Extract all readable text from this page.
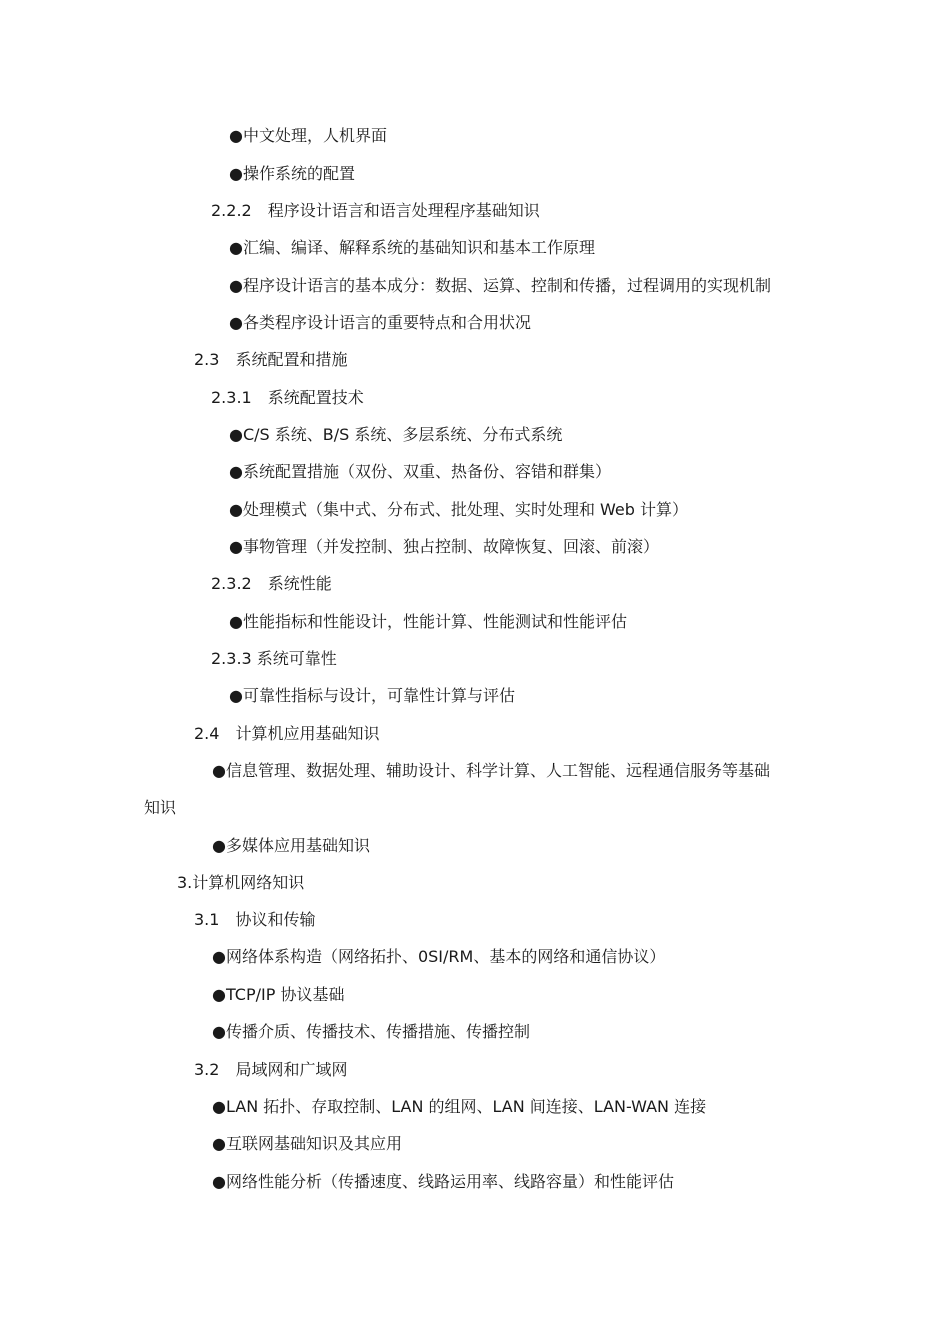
●中文处理，人机界面
●操作系统的配置
2.2.2　程序设计语言和语言处理程序基础知识
●汇编、编译、解释系统的基础知识和基本工作原理
●程序设计语言的基本成分：数据、运算、控制和传播，过程调用的实现机制
●各类程序设计语言的重要特点和合用状况
2.3　系统配置和措施
2.3.1　系统配置技术
●C/S 系统、B/S 系统、多层系统、分布式系统
●系统配置措施（双份、双重、热备份、容错和群集）
●处理模式（集中式、分布式、批处理、实时处理和 Web 计算）
●事物管理（并发控制、独占控制、故障恢复、回滚、前滚）
2.3.2　系统性能
●性能指标和性能设计，性能计算、性能测试和性能评估
2.3.3 系统可靠性
●可靠性指标与设计，可靠性计算与评估
2.4　计算机应用基础知识
●信息管理、数据处理、辅助设计、科学计算、人工智能、远程通信服务等基础
知识
●多媒体应用基础知识
3.计算机网络知识
3.1　协议和传输
●网络体系构造（网络拓扑、0SI/RM、基本的网络和通信协议）
●TCP/IP 协议基础
●传播介质、传播技术、传播措施、传播控制
3.2　局域网和广域网
●LAN 拓扑、存取控制、LAN 的组网、LAN 间连接、LAN-WAN 连接
●互联网基础知识及其应用
●网络性能分析（传播速度、线路运用率、线路容量）和性能评估
